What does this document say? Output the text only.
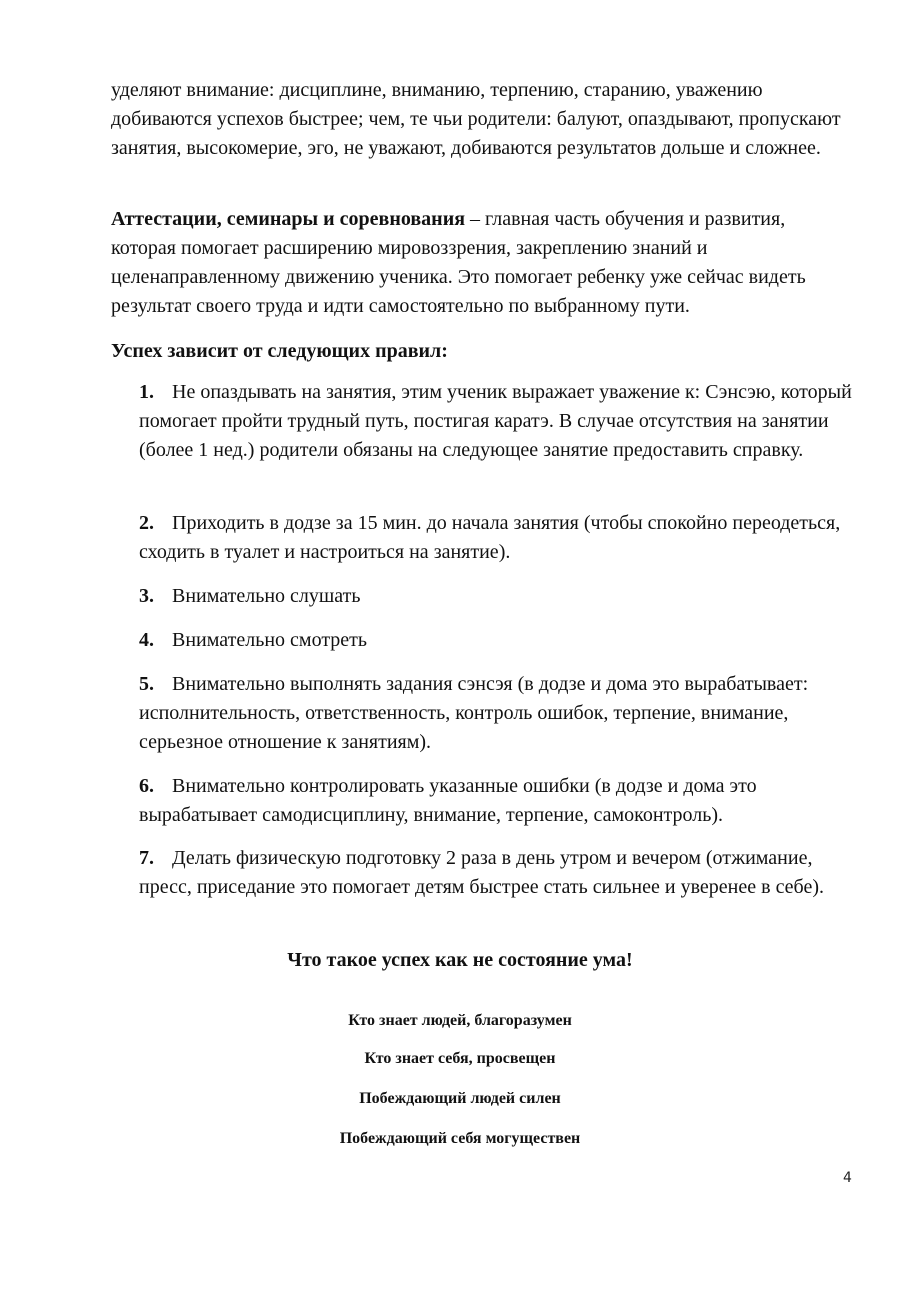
уделяют внимание: дисциплине, вниманию, терпению, старанию, уважению добиваются успехов быстрее; чем, те чьи родители: балуют, опаздывают, пропускают занятия, высокомерие, эго, не уважают, добиваются результатов дольше и сложнее.
Аттестации, семинары и соревнования – главная часть обучения и развития, которая помогает расширению мировоззрения, закреплению знаний и целенаправленному движению ученика. Это помогает ребенку уже сейчас видеть результат своего труда и идти самостоятельно по выбранному пути.
Успех зависит от следующих правил:
1. Не опаздывать на занятия, этим ученик выражает уважение к: Сэнсэю, который помогает пройти трудный путь, постигая каратэ. В случае отсутствия на занятии (более 1 нед.) родители обязаны на следующее занятие предоставить справку.
2. Приходить в додзе за 15 мин. до начала занятия (чтобы спокойно переодеться, сходить в туалет и настроиться на занятие).
3. Внимательно слушать
4. Внимательно смотреть
5. Внимательно выполнять задания сэнсэя (в додзе и дома это вырабатывает: исполнительность, ответственность, контроль ошибок, терпение, внимание, серьезное отношение к занятиям).
6. Внимательно контролировать указанные ошибки (в додзе и дома это вырабатывает самодисциплину, внимание, терпение, самоконтроль).
7. Делать физическую подготовку 2 раза в день утром и вечером (отжимание, пресс, приседание это помогает детям быстрее стать сильнее и уверенее в себе).
Что такое успех как не состояние ума!
Кто знает людей, благоразумен
Кто знает себя, просвещен
Побеждающий людей силен
Побеждающий себя могуществен
4
